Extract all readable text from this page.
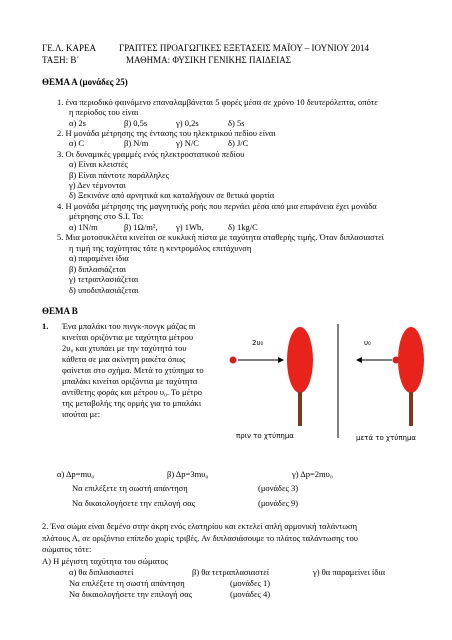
ΓΕ.Λ. ΚΑΡΕΑ	ΓΡΑΠΤΕΣ ΠΡΟΑΓΩΓΙΚΕΣ ΕΞΕΤΑΣΕΙΣ ΜΑΪΟΥ – ΙΟΥΝΙΟΥ 2014
ΤΑΞΗ: Β΄	ΜΑΘΗΜΑ: ΦΥΣΙΚΗ ΓΕΝΙΚΗΣ ΠΑΙΔΕΙΑΣ
ΘΕΜΑ Α (μονάδες 25)
1. ένα περιοδικό φαινόμενο επαναλαμβάνεται 5 φορές μέσα σε χρόνο 10 δευτερόλεπτα, οπότε
η περίοδος του είναι
α) 2s	β) 0,5s	γ) 0,2s	δ) 5s
2. Η μονάδα μέτρησης της έντασης του ηλεκτρικού πεδίου είναι
α) C	β) N/m	γ) N/C	δ) J/C
3. Οι δυναμικές γραμμές ενός ηλεκτροστατικού πεδίου
α) Είναι κλειστές
β) Είναι πάντοτε παράλληλες
γ) Δεν τέμνονται
δ) Ξεκινάνε από αρνητικά και καταλήγουν σε θετικά φορτία
4. Η μονάδα μέτρησης της μαγνητικής ροής που περνάει μέσα από μια επιφάνεια έχει μονάδα
μέτρησης στο S.I. Το:
α) 1N/m	β) 1Ω/m², γ) 1Wb,	δ) 1kg/C
5. Μια μοτοσυκλέτα κινείται σε κυκλική πίστα με ταχύτητα σταθερής τιμής. Όταν διπλασιαστεί
η τιμή της ταχύτητας τότε η κεντρομόλος επιτάχυνση
α) παραμένει ίδια
β) διπλασιάζεται
γ) τετραπλασιάζεται
δ) υποδιπλασιάζεται
ΘΕΜΑ Β
1. Ένα μπαλάκι του πινγκ-πονγκ μάζας m
κινείται οριζόντια με ταχύτητα μέτρου
2υ₀ και χτυπάει με την ταχύτητά του
κάθετα σε μια ακίνητη ρακέτα όπως
φαίνεται στο σχήμα. Μετά το χτύπημα το
μπαλάκι κινείται οριζόντια με ταχύτητα
αντίθετης φοράς και μέτρου υ₀. Το μέτρο
της μεταβολής της ορμής για το μπαλάκι
ισούται με:
2υ₀	υ₀
πριν το χτύπημα	μετά το χτύπημα
α) Δp=mυ₀	β) Δp=3mυ₀	γ) Δp=2mυ₀
Να επιλέξετε τη σωστή απάντηση	(μονάδες 3)
Να δικαιολογήσετε την επιλογή σας	(μονάδες 9)
2. Ένα σώμα είναι δεμένο στην άκρη ενός ελατηρίου και εκτελεί απλή αρμονική ταλάντωση
πλάτους Α, σε οριζόντιο επίπεδο χωρίς τριβές. Αν διπλασιάσουμε το πλάτος ταλάντωσης του
σώματος τότε:
Α) Η μέγιστη ταχύτητα του σώματος
α) θα διπλασιαστεί	β) θα τετραπλασιαστεί	γ) θα παραμείνει ίδια
Να επιλέξετε τη σωστή απάντηση	(μονάδες 1)
Να δικαιολογήσετε την επιλογή σας	(μονάδες 4)
